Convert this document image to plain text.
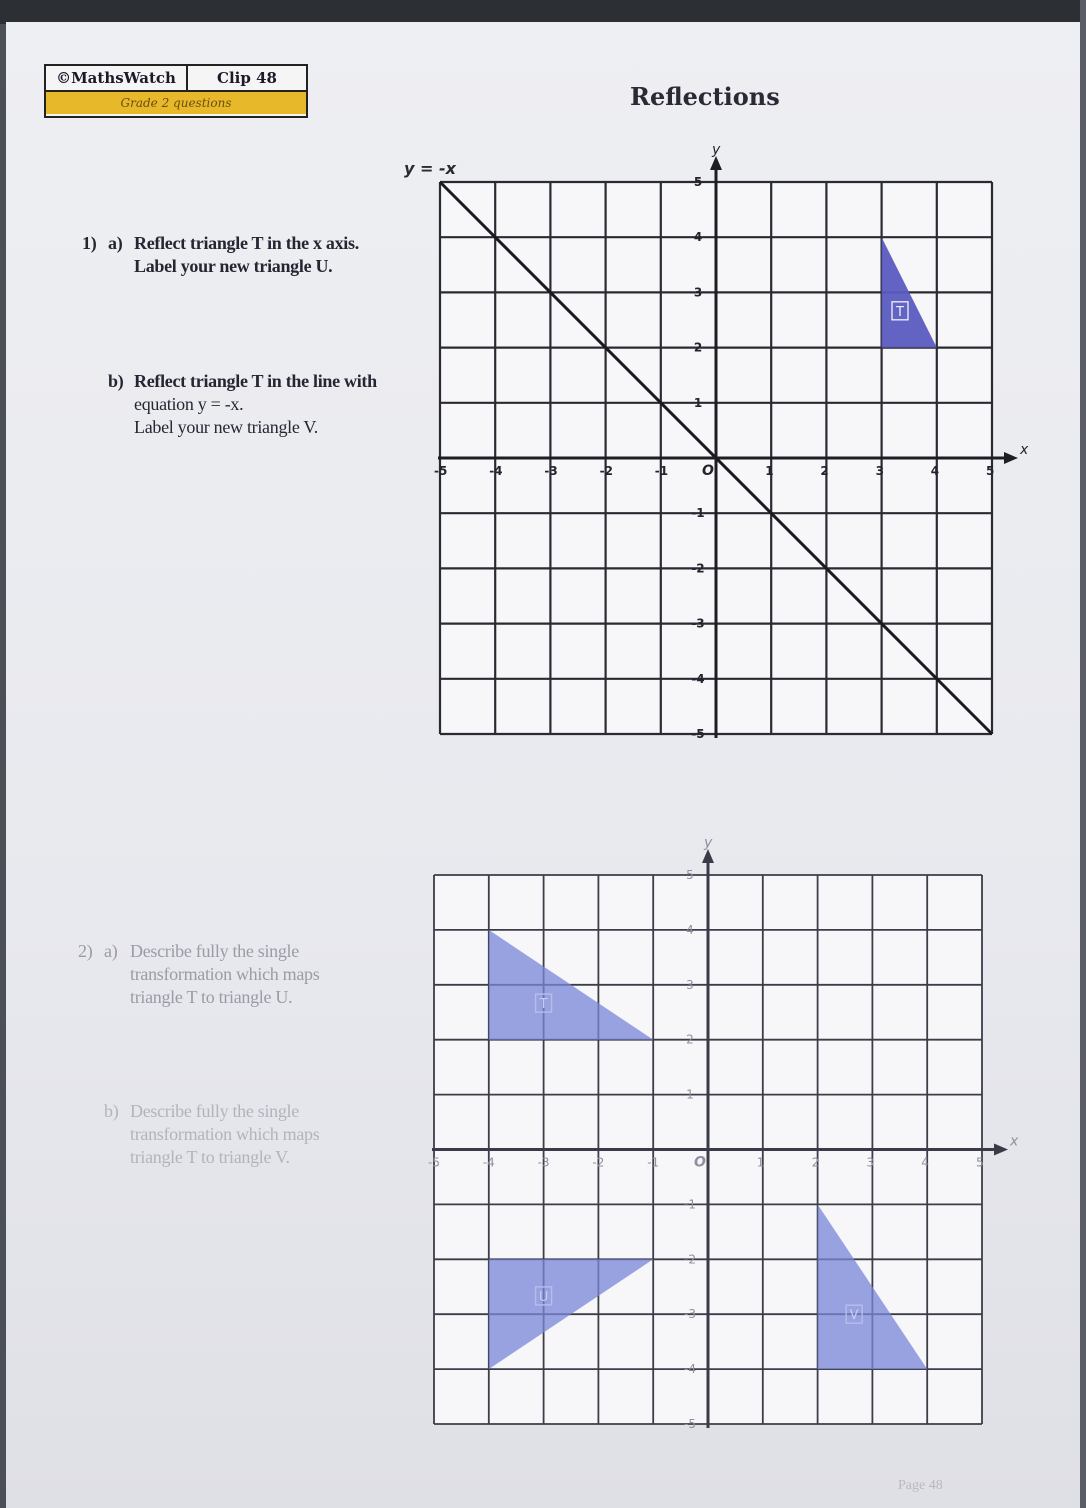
©MathsWatch	Clip 48
Grade 2 questions	Reflections
1) a) Reflect triangle T in the x axis.
Label your new triangle U.
b) Reflect triangle T in the line with
equation y = -x.
Label your new triangle V.
2) a) Describe fully the single
transformation which maps
triangle T to triangle U.
b) Describe fully the single
transformation which maps
triangle T to triangle V.
T
y = -x
x
y
-5	-4	-3	-2	-1	1	2	3	4	5
5
4
3
2
1
-1
-2
-3
-4
-5
O
T
U
V
x
y
-5	-4	-3	-2	-1	1	2	3	4	5
5
4
3
2
1
-1
-2
-3
-4
-5
O
Page 48
